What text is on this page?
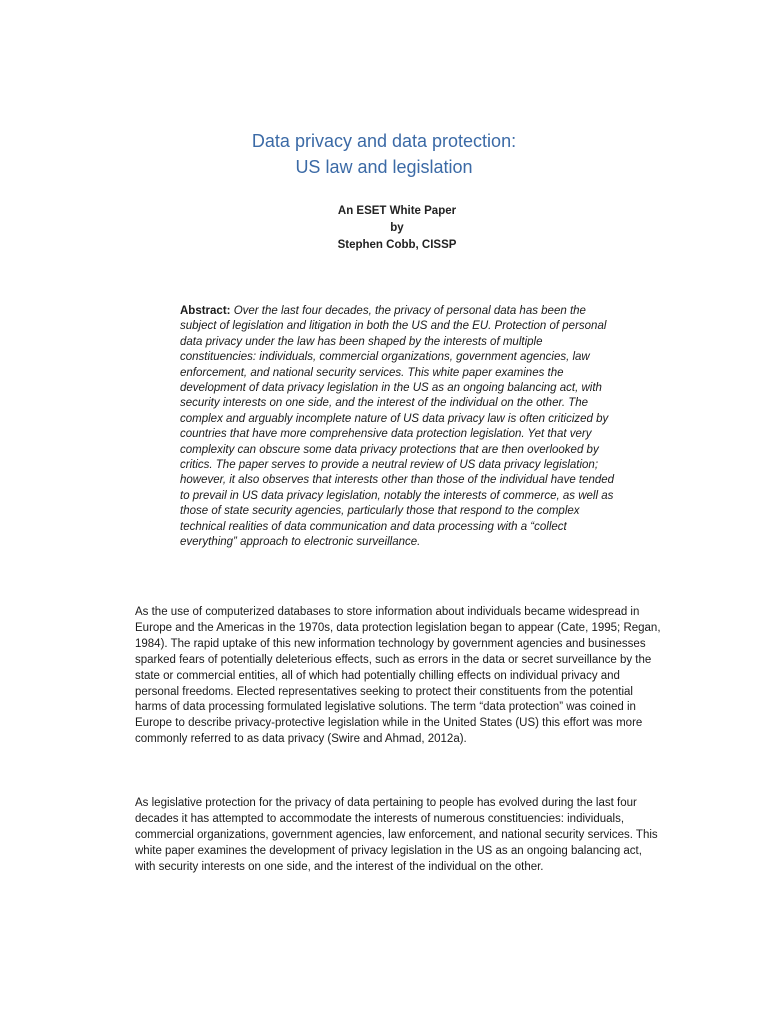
Data privacy and data protection:
US law and legislation
An ESET White Paper
by
Stephen Cobb, CISSP
Abstract: Over the last four decades, the privacy of personal data has been the subject of legislation and litigation in both the US and the EU. Protection of personal data privacy under the law has been shaped by the interests of multiple constituencies: individuals, commercial organizations, government agencies, law enforcement, and national security services. This white paper examines the development of data privacy legislation in the US as an ongoing balancing act, with security interests on one side, and the interest of the individual on the other. The complex and arguably incomplete nature of US data privacy law is often criticized by countries that have more comprehensive data protection legislation. Yet that very complexity can obscure some data privacy protections that are then overlooked by critics. The paper serves to provide a neutral review of US data privacy legislation; however, it also observes that interests other than those of the individual have tended to prevail in US data privacy legislation, notably the interests of commerce, as well as those of state security agencies, particularly those that respond to the complex technical realities of data communication and data processing with a “collect everything” approach to electronic surveillance.
As the use of computerized databases to store information about individuals became widespread in Europe and the Americas in the 1970s, data protection legislation began to appear (Cate, 1995; Regan, 1984). The rapid uptake of this new information technology by government agencies and businesses sparked fears of potentially deleterious effects, such as errors in the data or secret surveillance by the state or commercial entities, all of which had potentially chilling effects on individual privacy and personal freedoms. Elected representatives seeking to protect their constituents from the potential harms of data processing formulated legislative solutions. The term “data protection” was coined in Europe to describe privacy-protective legislation while in the United States (US) this effort was more commonly referred to as data privacy (Swire and Ahmad, 2012a).
As legislative protection for the privacy of data pertaining to people has evolved during the last four decades it has attempted to accommodate the interests of numerous constituencies: individuals, commercial organizations, government agencies, law enforcement, and national security services. This white paper examines the development of privacy legislation in the US as an ongoing balancing act, with security interests on one side, and the interest of the individual on the other.
